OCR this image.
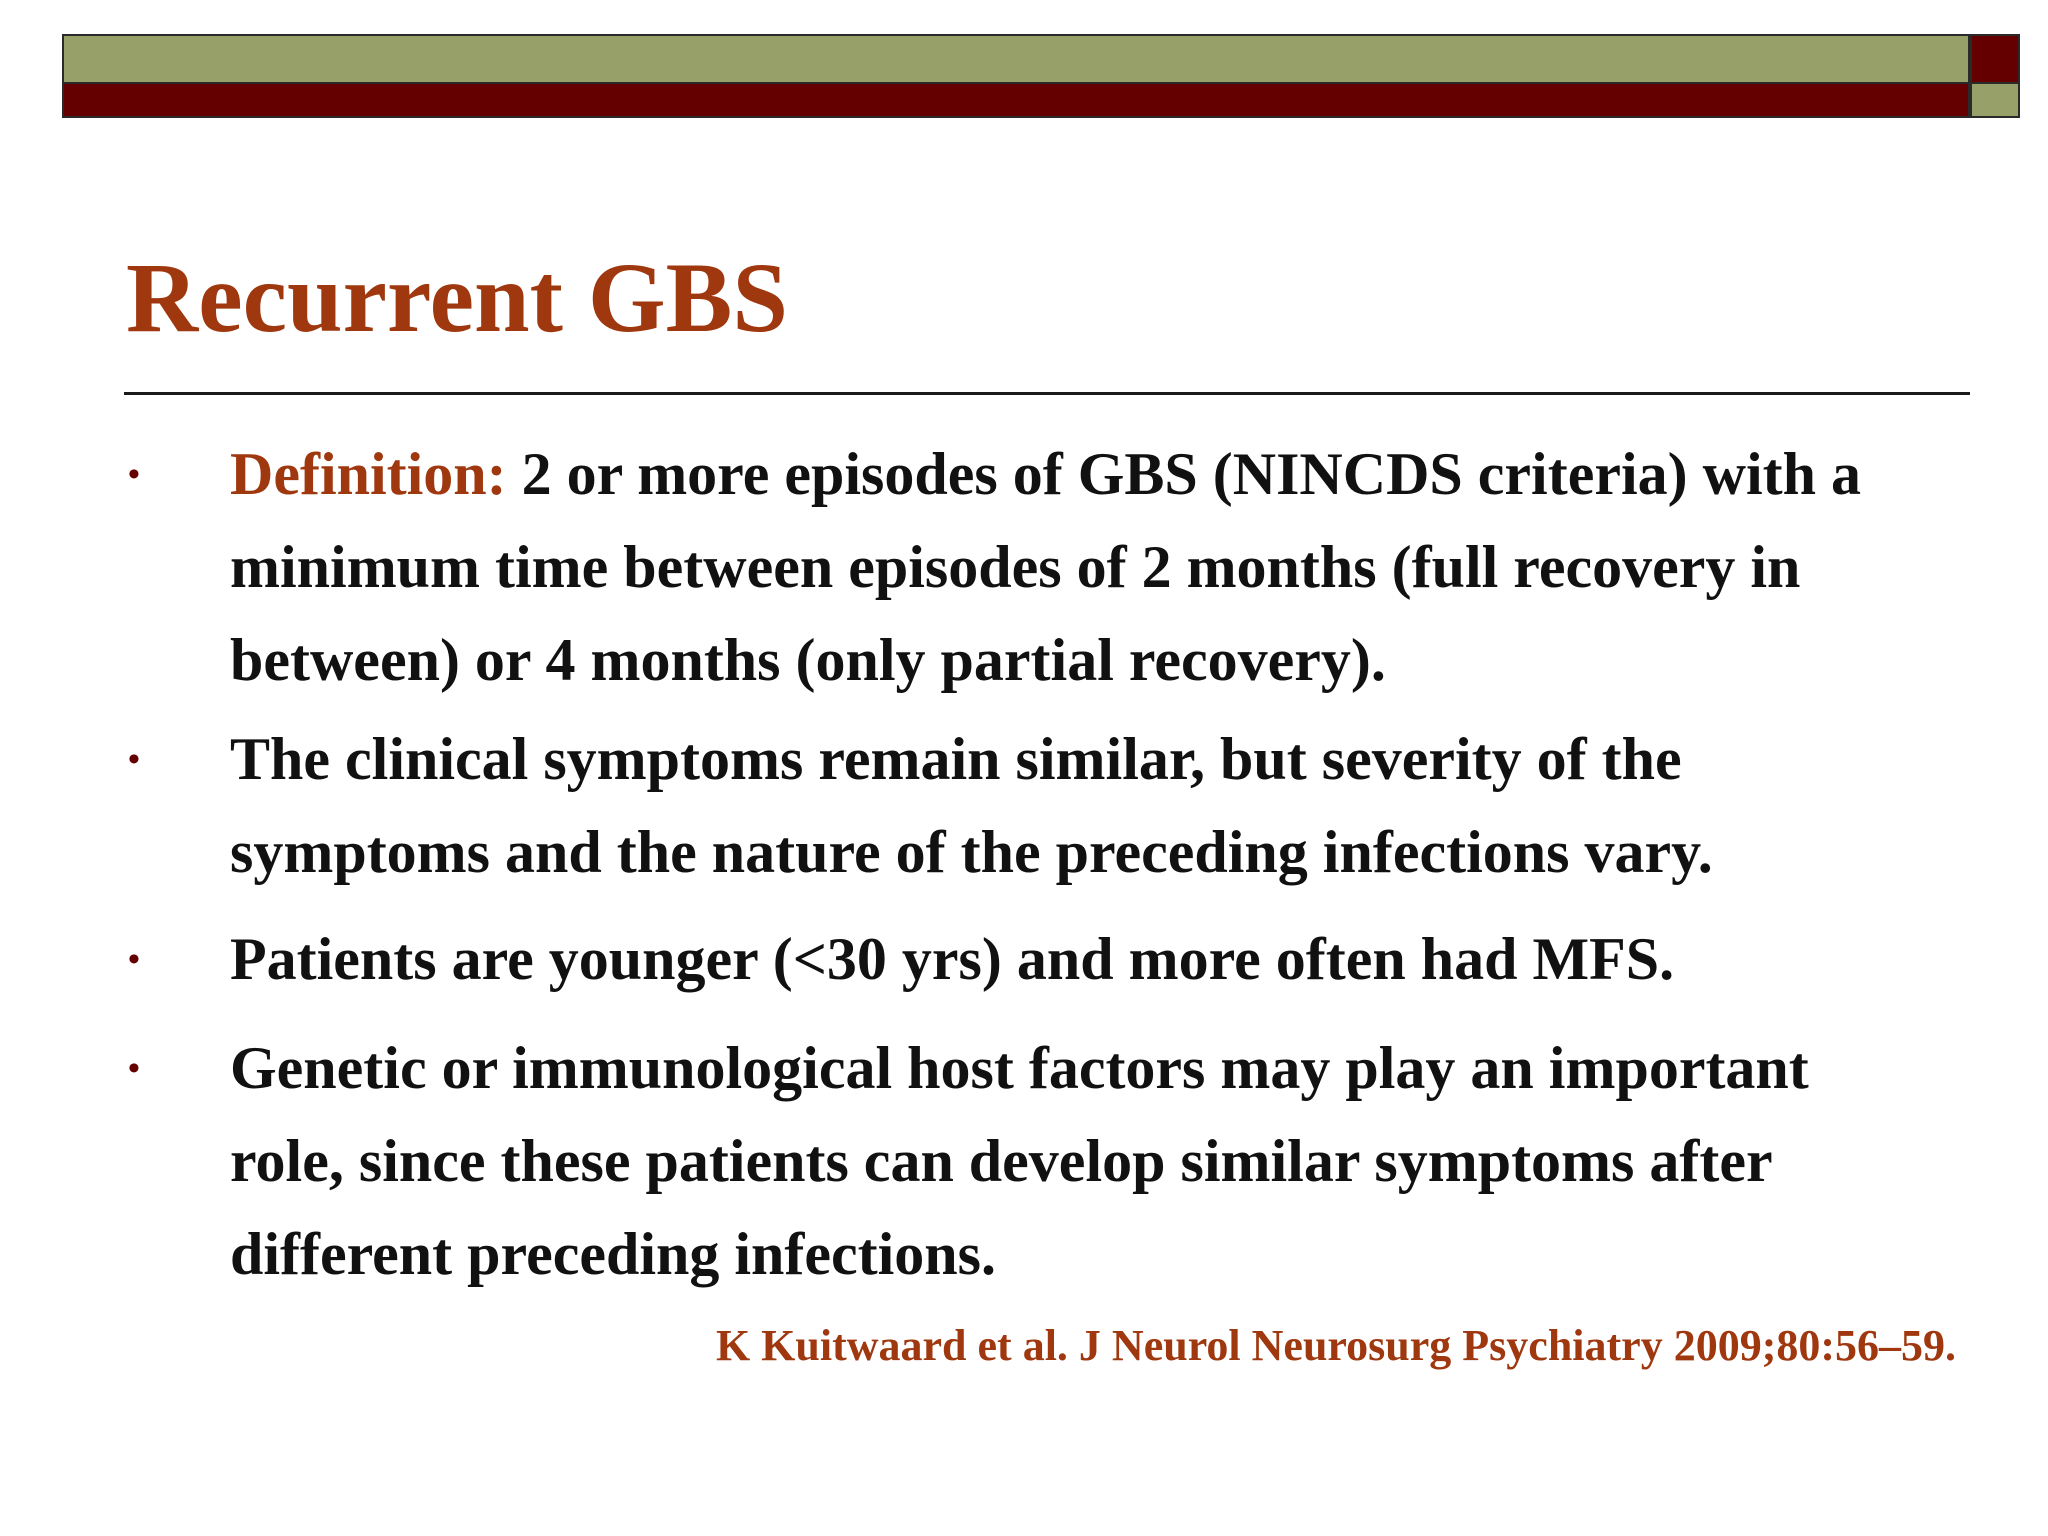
Recurrent GBS
• Definition: 2 or more episodes of GBS (NINCDS criteria) with a minimum time between episodes of 2 months (full recovery in between) or 4 months (only partial recovery).
• The clinical symptoms remain similar, but severity of the symptoms and the nature of the preceding infections vary.
• Patients are younger (<30 yrs) and more often had MFS.
• Genetic or immunological host factors may play an important role, since these patients can develop similar symptoms after different preceding infections.
K Kuitwaard et al. J Neurol Neurosurg Psychiatry 2009;80:56–59.
